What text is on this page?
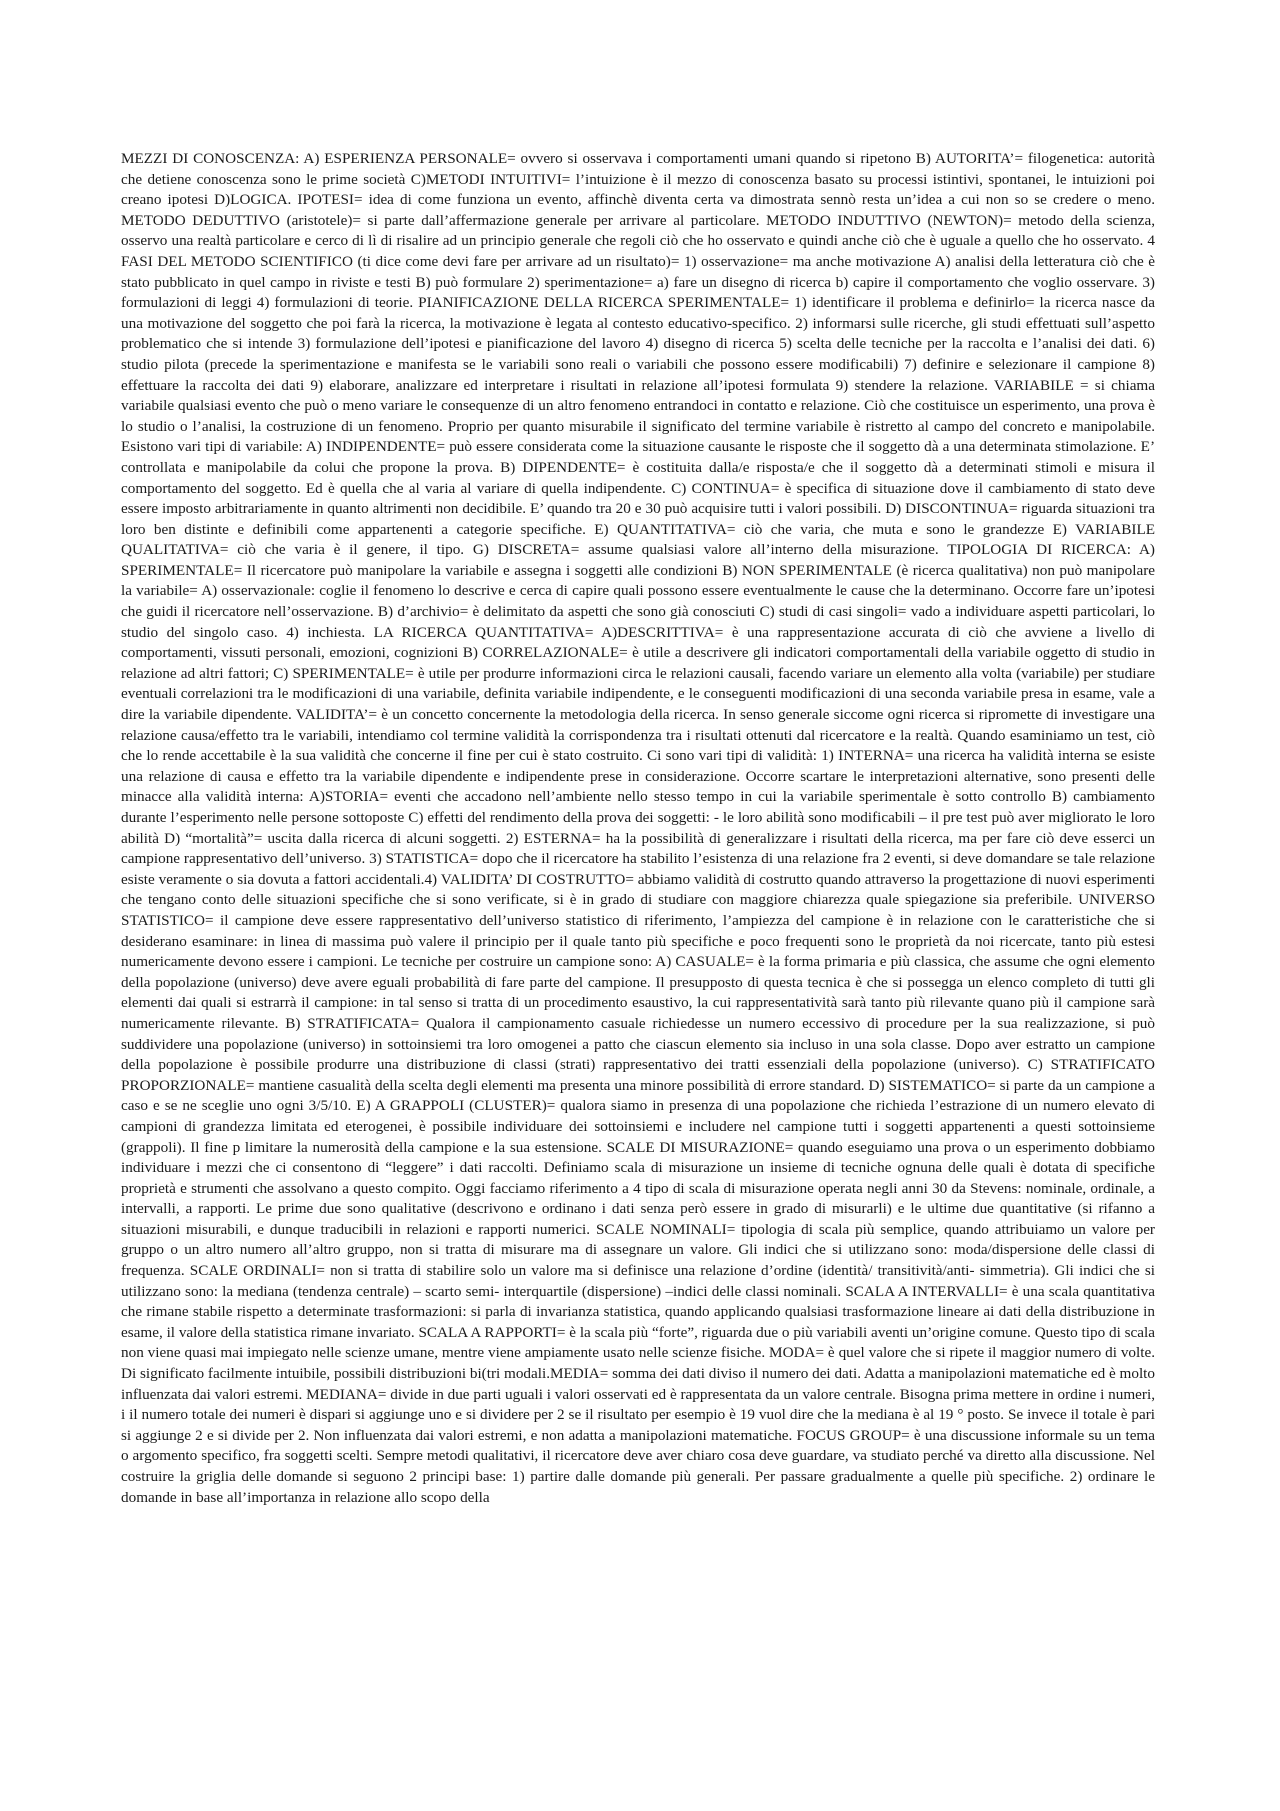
MEZZI DI CONOSCENZA: A) ESPERIENZA PERSONALE= ovvero si osservava i comportamenti umani quando si ripetono B) AUTORITA’= filogenetica: autorità che detiene conoscenza sono le prime società C)METODI INTUITIVI= l’intuizione è il mezzo di conoscenza basato su processi istintivi, spontanei, le intuizioni poi creano ipotesi D)LOGICA. IPOTESI= idea di come funziona un evento, affinchè diventa certa va dimostrata sennò resta un’idea a cui non so se credere o meno. METODO DEDUTTIVO (aristotele)= si parte dall’affermazione generale per arrivare al particolare. METODO INDUTTIVO (NEWTON)= metodo della scienza, osservo una realtà particolare e cerco di lì di risalire ad un principio generale che regoli ciò che ho osservato e quindi anche ciò che è uguale a quello che ho osservato. 4 FASI DEL METODO SCIENTIFICO (ti dice come devi fare per arrivare ad un risultato)= 1) osservazione= ma anche motivazione A) analisi della letteratura ciò che è stato pubblicato in quel campo in riviste e testi B) può formulare 2) sperimentazione= a) fare un disegno di ricerca b) capire il comportamento che voglio osservare. 3) formulazioni di leggi 4) formulazioni di teorie. PIANIFICAZIONE DELLA RICERCA SPERIMENTALE= 1) identificare il problema e definirlo= la ricerca nasce da una motivazione del soggetto che poi farà la ricerca, la motivazione è legata al contesto educativo-specifico. 2) informarsi sulle ricerche, gli studi effettuati sull’aspetto problematico che si intende 3) formulazione dell’ipotesi e pianificazione del lavoro 4) disegno di ricerca 5) scelta delle tecniche per la raccolta e l’analisi dei dati. 6) studio pilota (precede la sperimentazione e manifesta se le variabili sono reali o variabili che possono essere modificabili) 7) definire e selezionare il campione 8) effettuare la raccolta dei dati 9) elaborare, analizzare ed interpretare i risultati in relazione all’ipotesi formulata 9) stendere la relazione. VARIABILE = si chiama variabile qualsiasi evento che può o meno variare le consequenze di un altro fenomeno entrandoci in contatto e relazione. Ciò che costituisce un esperimento, una prova è lo studio o l’analisi, la costruzione di un fenomeno. Proprio per quanto misurabile il significato del termine variabile è ristretto al campo del concreto e manipolabile. Esistono vari tipi di variabile: A) INDIPENDENTE= può essere considerata come la situazione causante le risposte che il soggetto dà a una determinata stimolazione. E’ controllata e manipolabile da colui che propone la prova. B) DIPENDENTE= è costituita dalla/e risposta/e che il soggetto dà a determinati stimoli e misura il comportamento del soggetto. Ed è quella che al varia al variare di quella indipendente. C) CONTINUA= è specifica di situazione dove il cambiamento di stato deve essere imposto arbitrariamente in quanto altrimenti non decidibile. E’ quando tra 20 e 30 può acquisire tutti i valori possibili. D) DISCONTINUA= riguarda situazioni tra loro ben distinte e definibili come appartenenti a categorie specifiche. E) QUANTITATIVA= ciò che varia, che muta e sono le grandezze E) VARIABILE QUALITATIVA= ciò che varia è il genere, il tipo. G) DISCRETA= assume qualsiasi valore all’interno della misurazione. TIPOLOGIA DI RICERCA: A) SPERIMENTALE= Il ricercatore può manipolare la variabile e assegna i soggetti alle condizioni B) NON SPERIMENTALE (è ricerca qualitativa) non può manipolare la variabile= A) osservazionale: coglie il fenomeno lo descrive e cerca di capire quali possono essere eventualmente le cause che la determinano. Occorre fare un’ipotesi che guidi il ricercatore nell’osservazione. B) d’archivio= è delimitato da aspetti che sono già conosciuti C) studi di casi singoli= vado a individuare aspetti particolari, lo studio del singolo caso. 4) inchiesta. LA RICERCA QUANTITATIVA= A)DESCRITTIVA= è una rappresentazione accurata di ciò che avviene a livello di comportamenti, vissuti personali, emozioni, cognizioni B) CORRELAZIONALE= è utile a descrivere gli indicatori comportamentali della variabile oggetto di studio in relazione ad altri fattori; C) SPERIMENTALE= è utile per produrre informazioni circa le relazioni causali, facendo variare un elemento alla volta (variabile) per studiare eventuali correlazioni tra le modificazioni di una variabile, definita variabile indipendente, e le conseguenti modificazioni di una seconda variabile presa in esame, vale a dire la variabile dipendente. VALIDITA’= è un concetto concernente la metodologia della ricerca. In senso generale siccome ogni ricerca si ripromette di investigare una relazione causa/effetto tra le variabili, intendiamo col termine validità la corrispondenza tra i risultati ottenuti dal ricercatore e la realtà. Quando esaminiamo un test, ciò che lo rende accettabile è la sua validità che concerne il fine per cui è stato costruito. Ci sono vari tipi di validità: 1) INTERNA= una ricerca ha validità interna se esiste una relazione di causa e effetto tra la variabile dipendente e indipendente prese in considerazione. Occorre scartare le interpretazioni alternative, sono presenti delle minacce alla validità interna: A)STORIA= eventi che accadono nell’ambiente nello stesso tempo in cui la variabile sperimentale è sotto controllo B) cambiamento durante l’esperimento nelle persone sottoposte C) effetti del rendimento della prova dei soggetti: - le loro abilità sono modificabili – il pre test può aver migliorato le loro abilità D) “mortalità”= uscita dalla ricerca di alcuni soggetti. 2) ESTERNA= ha la possibilità di generalizzare i risultati della ricerca, ma per fare ciò deve esserci un campione rappresentativo dell’universo. 3) STATISTICA= dopo che il ricercatore ha stabilito l’esistenza di una relazione fra 2 eventi, si deve domandare se tale relazione esiste veramente o sia dovuta a fattori accidentali.4) VALIDITA’ DI COSTRUTTO= abbiamo validità di costrutto quando attraverso la progettazione di nuovi esperimenti che tengano conto delle situazioni specifiche che si sono verificate, si è in grado di studiare con maggiore chiarezza quale spiegazione sia preferibile. UNIVERSO STATISTICO= il campione deve essere rappresentativo dell’universo statistico di riferimento, l’ampiezza del campione è in relazione con le caratteristiche che si desiderano esaminare: in linea di massima può valere il principio per il quale tanto più specifiche e poco frequenti sono le proprietà da noi ricercate, tanto più estesi numericamente devono essere i campioni. Le tecniche per costruire un campione sono: A) CASUALE= è la forma primaria e più classica, che assume che ogni elemento della popolazione (universo) deve avere eguali probabilità di fare parte del campione. Il presupposto di questa tecnica è che si possegga un elenco completo di tutti gli elementi dai quali si estrarrà il campione: in tal senso si tratta di un procedimento esaustivo, la cui rappresentatività sarà tanto più rilevante quano più il campione sarà numericamente rilevante. B) STRATIFICATA= Qualora il campionamento casuale richiedesse un numero eccessivo di procedure per la sua realizzazione, si può suddividere una popolazione (universo) in sottoinsiemi tra loro omogenei a patto che ciascun elemento sia incluso in una sola classe. Dopo aver estratto un campione della popolazione è possibile produrre una distribuzione di classi (strati) rappresentativo dei tratti essenziali della popolazione (universo). C) STRATIFICATO PROPORZIONALE= mantiene casualità della scelta degli elementi ma presenta una minore possibilità di errore standard. D) SISTEMATICO= si parte da un campione a caso e se ne sceglie uno ogni 3/5/10. E) A GRAPPOLI (CLUSTER)= qualora siamo in presenza di una popolazione che richieda l’estrazione di un numero elevato di campioni di grandezza limitata ed eterogenei, è possibile individuare dei sottoinsiemi e includere nel campione tutti i soggetti appartenenti a questi sottoinsieme (grappoli). Il fine p limitare la numerosità della campione e la sua estensione. SCALE DI MISURAZIONE= quando eseguiamo una prova o un esperimento dobbiamo individuare i mezzi che ci consentono di “leggere” i dati raccolti. Definiamo scala di misurazione un insieme di tecniche ognuna delle quali è dotata di specifiche proprietà e strumenti che assolvano a questo compito. Oggi facciamo riferimento a 4 tipo di scala di misurazione operata negli anni 30 da Stevens: nominale, ordinale, a intervalli, a rapporti. Le prime due sono qualitative (descrivono e ordinano i dati senza però essere in grado di misurarli) e le ultime due quantitative (si rifanno a situazioni misurabili, e dunque traducibili in relazioni e rapporti numerici. SCALE NOMINALI= tipologia di scala più semplice, quando attribuiamo un valore per gruppo o un altro numero all’altro gruppo, non si tratta di misurare ma di assegnare un valore. Gli indici che si utilizzano sono: moda/dispersione delle classi di frequenza. SCALE ORDINALI= non si tratta di stabilire solo un valore ma si definisce una relazione d’ordine (identità/ transitività/anti- simmetria). Gli indici che si utilizzano sono: la mediana (tendenza centrale) – scarto semi- interquartile (dispersione) –indici delle classi nominali. SCALA A INTERVALLI= è una scala quantitativa che rimane stabile rispetto a determinate trasformazioni: si parla di invarianza statistica, quando applicando qualsiasi trasformazione lineare ai dati della distribuzione in esame, il valore della statistica rimane invariato. SCALA A RAPPORTI= è la scala più “forte”, riguarda due o più variabili aventi un’origine comune. Questo tipo di scala non viene quasi mai impiegato nelle scienze umane, mentre viene ampiamente usato nelle scienze fisiche. MODA= è quel valore che si ripete il maggior numero di volte. Di significato facilmente intuibile, possibili distribuzioni bi(tri modali.MEDIA= somma dei dati diviso il numero dei dati. Adatta a manipolazioni matematiche ed è molto influenzata dai valori estremi. MEDIANA= divide in due parti uguali i valori osservati ed è rappresentata da un valore centrale. Bisogna prima mettere in ordine i numeri, i il numero totale dei numeri è dispari si aggiunge uno e si dividere per 2 se il risultato per esempio è 19 vuol dire che la mediana è al 19 ° posto. Se invece il totale è pari si aggiunge 2 e si divide per 2. Non influenzata dai valori estremi, e non adatta a manipolazioni matematiche. FOCUS GROUP= è una discussione informale su un tema o argomento specifico, fra soggetti scelti. Sempre metodi qualitativi, il ricercatore deve aver chiaro cosa deve guardare, va studiato perché va diretto alla discussione. Nel costruire la griglia delle domande si seguono 2 principi base: 1) partire dalle domande più generali. Per passare gradualmente a quelle più specifiche. 2) ordinare le domande in base all’importanza in relazione allo scopo della
